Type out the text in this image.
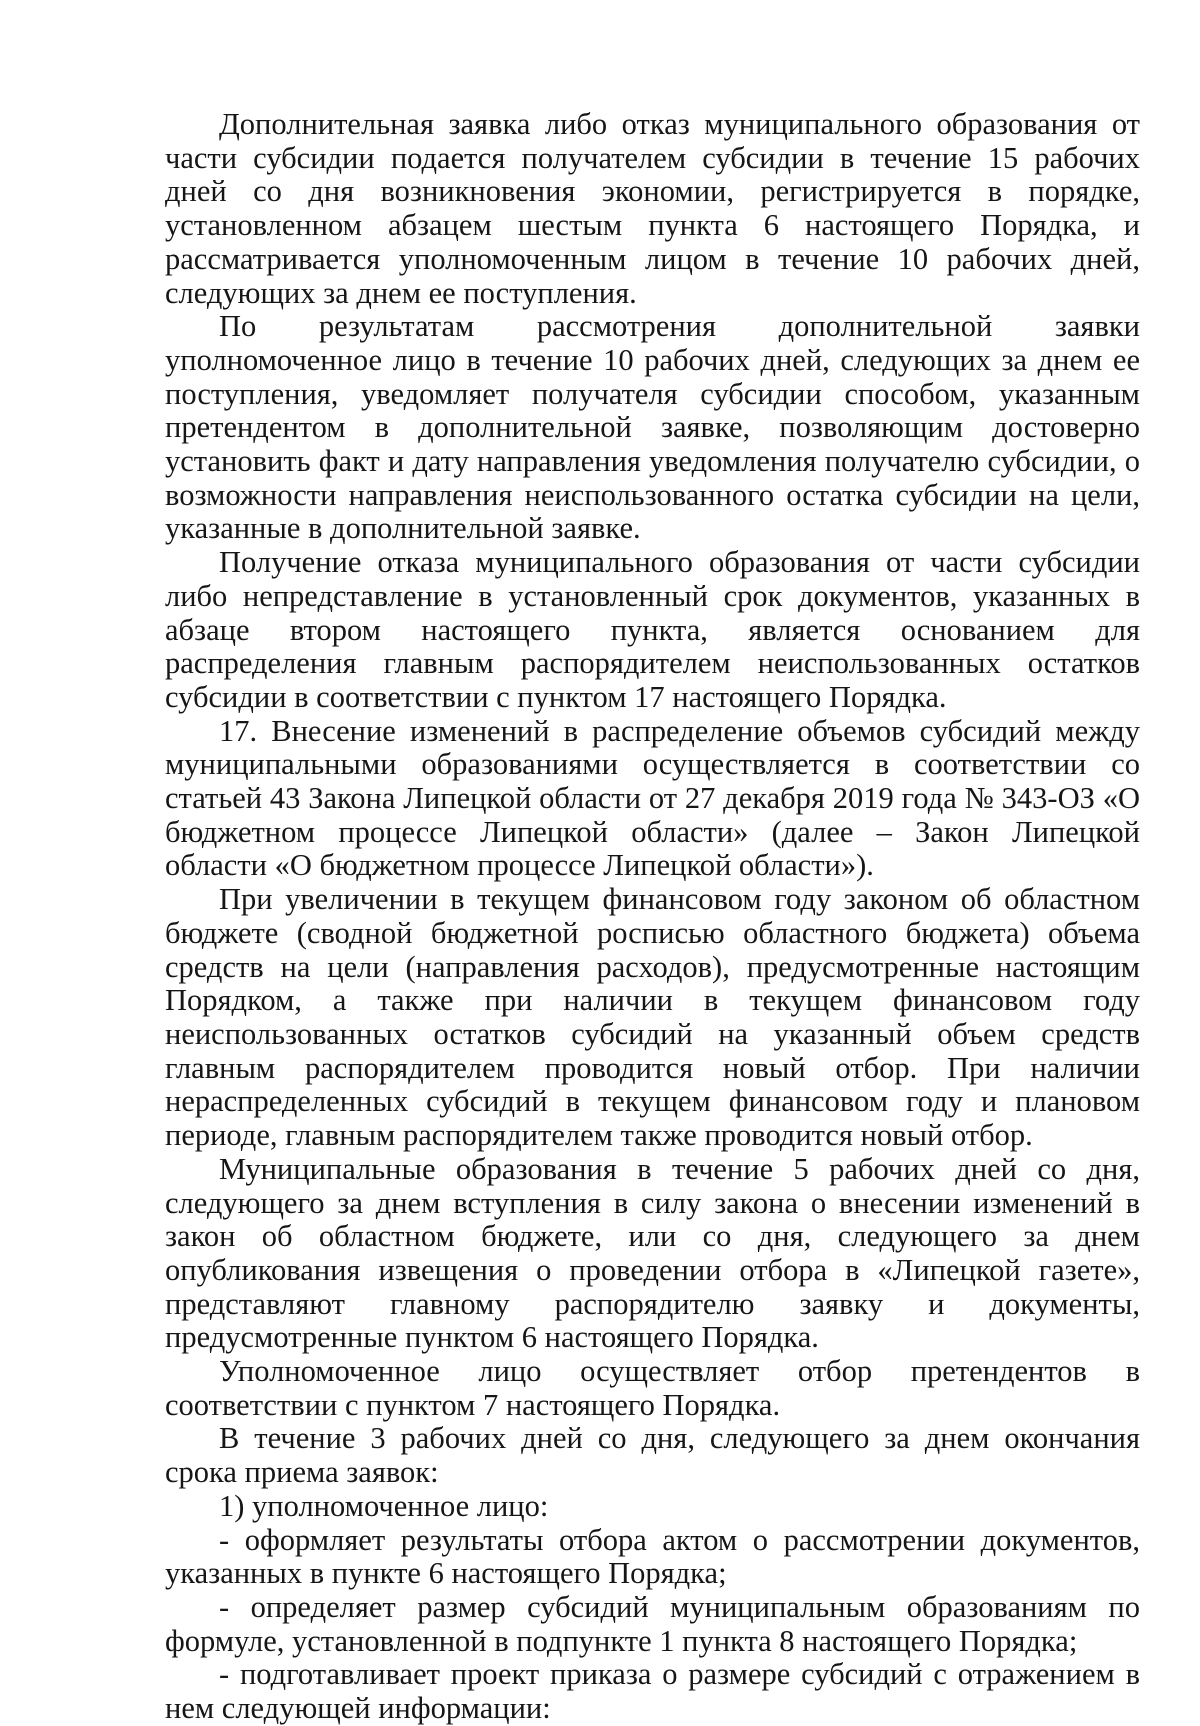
Дополнительная заявка либо отказ муниципального образования от части субсидии подается получателем субсидии в течение 15 рабочих дней со дня возникновения экономии, регистрируется в порядке, установленном абзацем шестым пункта 6 настоящего Порядка, и рассматривается уполномоченным лицом в течение 10 рабочих дней, следующих за днем ее поступления.

По результатам рассмотрения дополнительной заявки уполномоченное лицо в течение 10 рабочих дней, следующих за днем ее поступления, уведомляет получателя субсидии способом, указанным претендентом в дополнительной заявке, позволяющим достоверно установить факт и дату направления уведомления получателю субсидии, о возможности направления неиспользованного остатка субсидии на цели, указанные в дополнительной заявке.

Получение отказа муниципального образования от части субсидии либо непредставление в установленный срок документов, указанных в абзаце втором настоящего пункта, является основанием для распределения главным распорядителем неиспользованных остатков субсидии в соответствии с пунктом 17 настоящего Порядка.

17. Внесение изменений в распределение объемов субсидий между муниципальными образованиями осуществляется в соответствии со статьей 43 Закона Липецкой области от 27 декабря 2019 года № 343-ОЗ «О бюджетном процессе Липецкой области» (далее – Закон Липецкой области «О бюджетном процессе Липецкой области»).

При увеличении в текущем финансовом году законом об областном бюджете (сводной бюджетной росписью областного бюджета) объема средств на цели (направления расходов), предусмотренные настоящим Порядком, а также при наличии в текущем финансовом году неиспользованных остатков субсидий на указанный объем средств главным распорядителем проводится новый отбор. При наличии нераспределенных субсидий в текущем финансовом году и плановом периоде, главным распорядителем также проводится новый отбор.

Муниципальные образования в течение 5 рабочих дней со дня, следующего за днем вступления в силу закона о внесении изменений в закон об областном бюджете, или со дня, следующего за днем опубликования извещения о проведении отбора в «Липецкой газете», представляют главному распорядителю заявку и документы, предусмотренные пунктом 6 настоящего Порядка.

Уполномоченное лицо осуществляет отбор претендентов в соответствии с пунктом 7 настоящего Порядка.

В течение 3 рабочих дней со дня, следующего за днем окончания срока приема заявок:

1) уполномоченное лицо:

- оформляет результаты отбора актом о рассмотрении документов, указанных в пункте 6 настоящего Порядка;

- определяет размер субсидий муниципальным образованиям по формуле, установленной в подпункте 1 пункта 8 настоящего Порядка;

- подготавливает проект приказа о размере субсидий с отражением в нем следующей информации:
